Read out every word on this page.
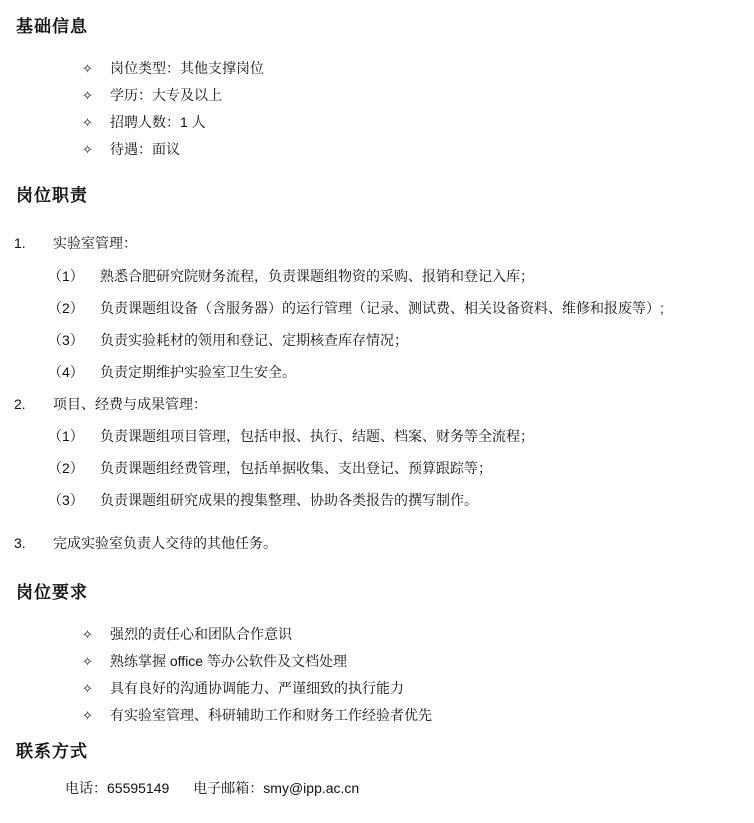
基础信息
✧ 岗位类型：其他支撑岗位
✧ 学历：大专及以上
✧ 招聘人数：1 人
✧ 待遇：面议
岗位职责
1. 实验室管理：
（1） 熟悉合肥研究院财务流程，负责课题组物资的采购、报销和登记入库；
（2） 负责课题组设备（含服务器）的运行管理（记录、测试费、相关设备资料、维修和报废等）;
（3） 负责实验耗材的领用和登记、定期核查库存情况；
（4） 负责定期维护实验室卫生安全。
2. 项目、经费与成果管理：
（1） 负责课题组项目管理，包括申报、执行、结题、档案、财务等全流程；
（2） 负责课题组经费管理，包括单据收集、支出登记、预算跟踪等；
（3） 负责课题组研究成果的搜集整理、协助各类报告的撰写制作。
3. 完成实验室负责人交待的其他任务。
岗位要求
✧ 强烈的责任心和团队合作意识
✧ 熟练掌握 office 等办公软件及文档处理
✧ 具有良好的沟通协调能力、严谨细致的执行能力
✧ 有实验室管理、科研辅助工作和财务工作经验者优先
联系方式
电话：65595149 电子邮箱：smy@ipp.ac.cn
